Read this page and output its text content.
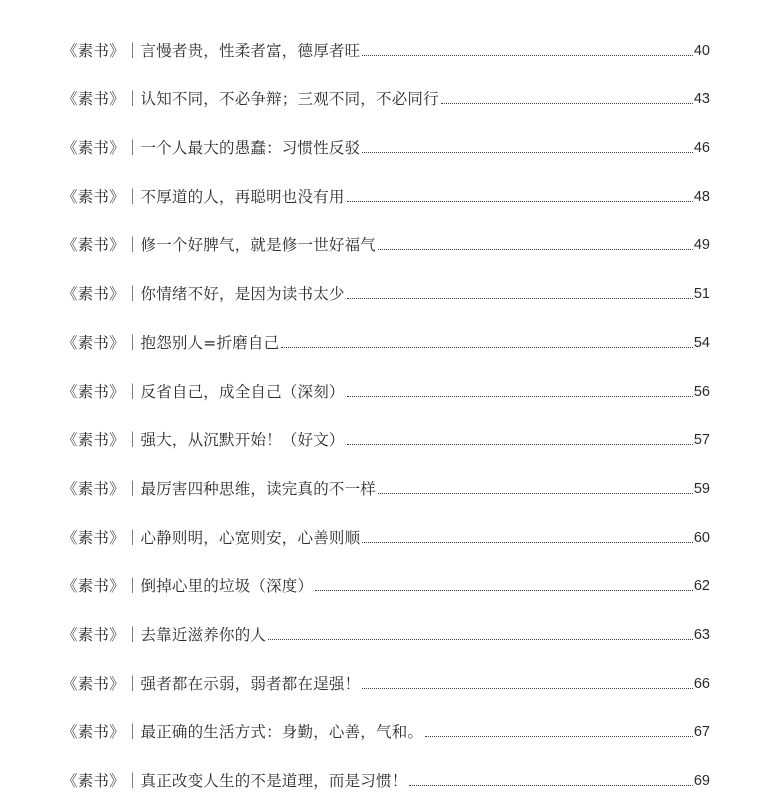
《素书》｜言慢者贵，性柔者富，德厚者旺	40
《素书》｜认知不同，不必争辩；三观不同，不必同行	43
《素书》｜一个人最大的愚蠢：习惯性反驳	46
《素书》｜不厚道的人，再聪明也没有用	48
《素书》｜修一个好脾气，就是修一世好福气	49
《素书》｜你情绪不好，是因为读书太少	51
《素书》｜抱怨别人=折磨自己	54
《素书》｜反省自己，成全自己（深刻）	56
《素书》｜强大，从沉默开始！（好文）	57
《素书》｜最厉害四种思维，读完真的不一样	59
《素书》｜心静则明，心宽则安，心善则顺	60
《素书》｜倒掉心里的垃圾（深度）	62
《素书》｜去靠近滋养你的人	63
《素书》｜强者都在示弱，弱者都在逞强！	66
《素书》｜最正确的生活方式：身勤，心善，气和。	67
《素书》｜真正改变人生的不是道理，而是习惯！	69
